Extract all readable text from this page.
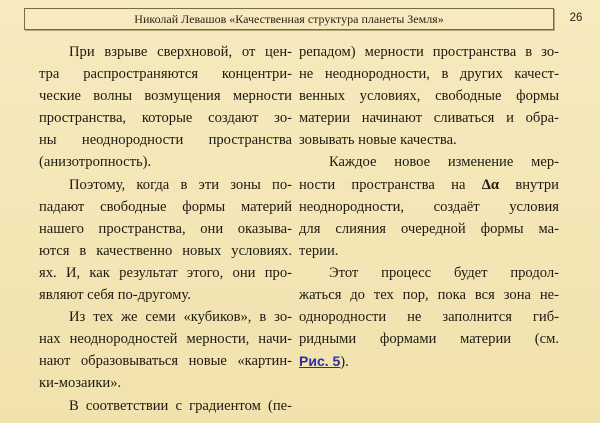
Николай Левашов «Качественная структура планеты Земля»	26
При взрыве сверхновой, от цен-
тра распространяются концентри-
ческие волны возмущения мерности
пространства, которые создают зо-
ны неоднородности пространства
(анизотропность).
Поэтому, когда в эти зоны по-
падают свободные формы материй
нашего пространства, они оказыва-
ются в качественно новых условиях.
ях. И, как результат этого, они про-
являют себя по-другому.
Из тех же семи «кубиков», в зо-
нах неоднородностей мерности, начи-
нают образовываться новые «картин-
ки-мозаики».
В соответствии с градиентом (пе-
репадом) мерности пространства в зо-
не неоднородности, в других качест-
венных условиях, свободные формы
материи начинают сливаться и обра-
зовывать новые качества.
Каждое новое изменение мер-
ности пространства на Δα внутри
неоднородности, создаёт условия
для слияния очередной формы ма-
терии.
Этот процесс будет продол-
жаться до тех пор, пока вся зона не-
однородности не заполнится гиб-
ридными формами материи (см.
Рис. 5).
